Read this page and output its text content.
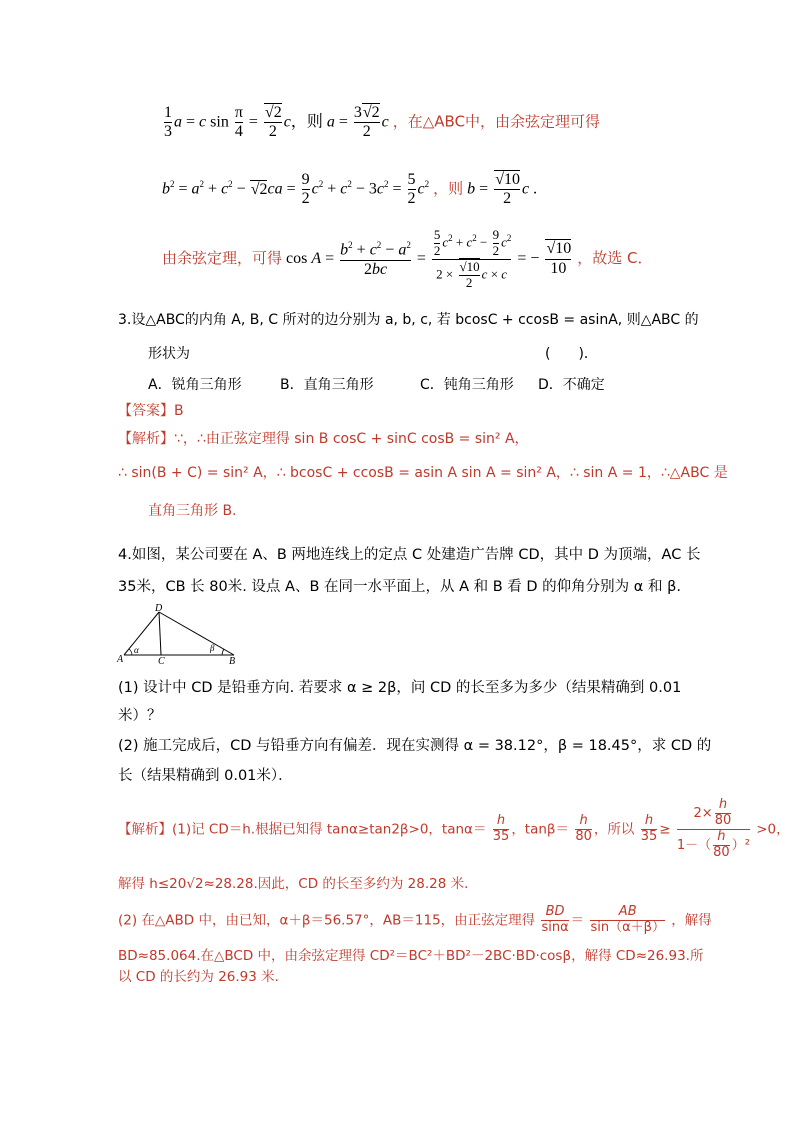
$\frac{1}{3}$ a = c $\sin \frac{\pi}{4} = \frac{√2}{2}$ c，则 $a = \frac{3√2}{2}$ c ，在△ABC中，由余弦定理可得
$b^2 = a^2 + c^2 - √2ca = \frac{9}{2} c^2 + c^2 - 3c^2 = \frac{5}{2} c^2$ ，则 $b = \frac{√10}{2}$ c .
由余弦定理，可得 $\cos A = \frac{b^2 + c^2 - a^2}{2bc} = \frac{\frac{5}{2} c^2 + c^2 - \frac{9}{2} c^2}{2 \times \frac{√10}{2} c \times c}$ = − $\frac{√10}{10}$ ，故选 C．
3.设△ABC的内角 A, B, C 所对的边分别为 a, b, c, 若 bcosC + ccosB = asinA, 则△ABC 的
形状为	(　　)．
A．锐角三角形	B．直角三角形	C．钝角三角形 D．不确定
【答案】B
【解析】∵，∴由正弦定理得 sin B cosC + sinC cosB = sin² A，
∴ sin(B + C) = sin² A，∴ bcosC + ccosB = asin A sin A = sin² A，∴ sin A = 1，∴△ABC 是
直角三角形 B.
4.如图，某公司要在 A、B 两地连线上的定点 C 处建造广告牌 CD，其中 D 为顶端，AC 长
35米，CB 长 80米. 设点 A、B 在同一水平面上，从 A 和 B 看 D 的仰角分别为 α 和 β.
D
A	C	B
α	β
(1) 设计中 CD 是铅垂方向. 若要求 α ≥ 2β，问 CD 的长至多为多少（结果精确到 0.01
米）？
(2) 施工完成后，CD 与铅垂方向有偏差．现在实测得 α = 38.12°，β = 18.45°，求 CD 的
长（结果精确到 0.01米）．
【解析】(1)记 CD＝h.根据已知得 tanα≥tan2β>0，$\tan\alpha= \frac{h}{35}$ ，$\tan\beta= \frac{h}{80}$ ，所以 $\frac{h}{35} \ge \frac{2\times \frac{h}{80}}{1-( \frac{h}{80} )^2} >0$，
解得 h≤20√2≈28.28.因此，CD 的长至多约为 28.28 米．
(2) 在△ABD 中，由已知，α＋β＝56.57°，AB＝115，由正弦定理得 $\frac{BD}{\sin\alpha} = \frac{AB}{\sin(\alpha+\beta)}$ ，解得
BD≈85.064.在△BCD 中，由余弦定理得 CD²＝BC²＋BD²－2BC·BD·cosβ，解得 CD≈26.93.所
以 CD 的长约为 26.93 米．
